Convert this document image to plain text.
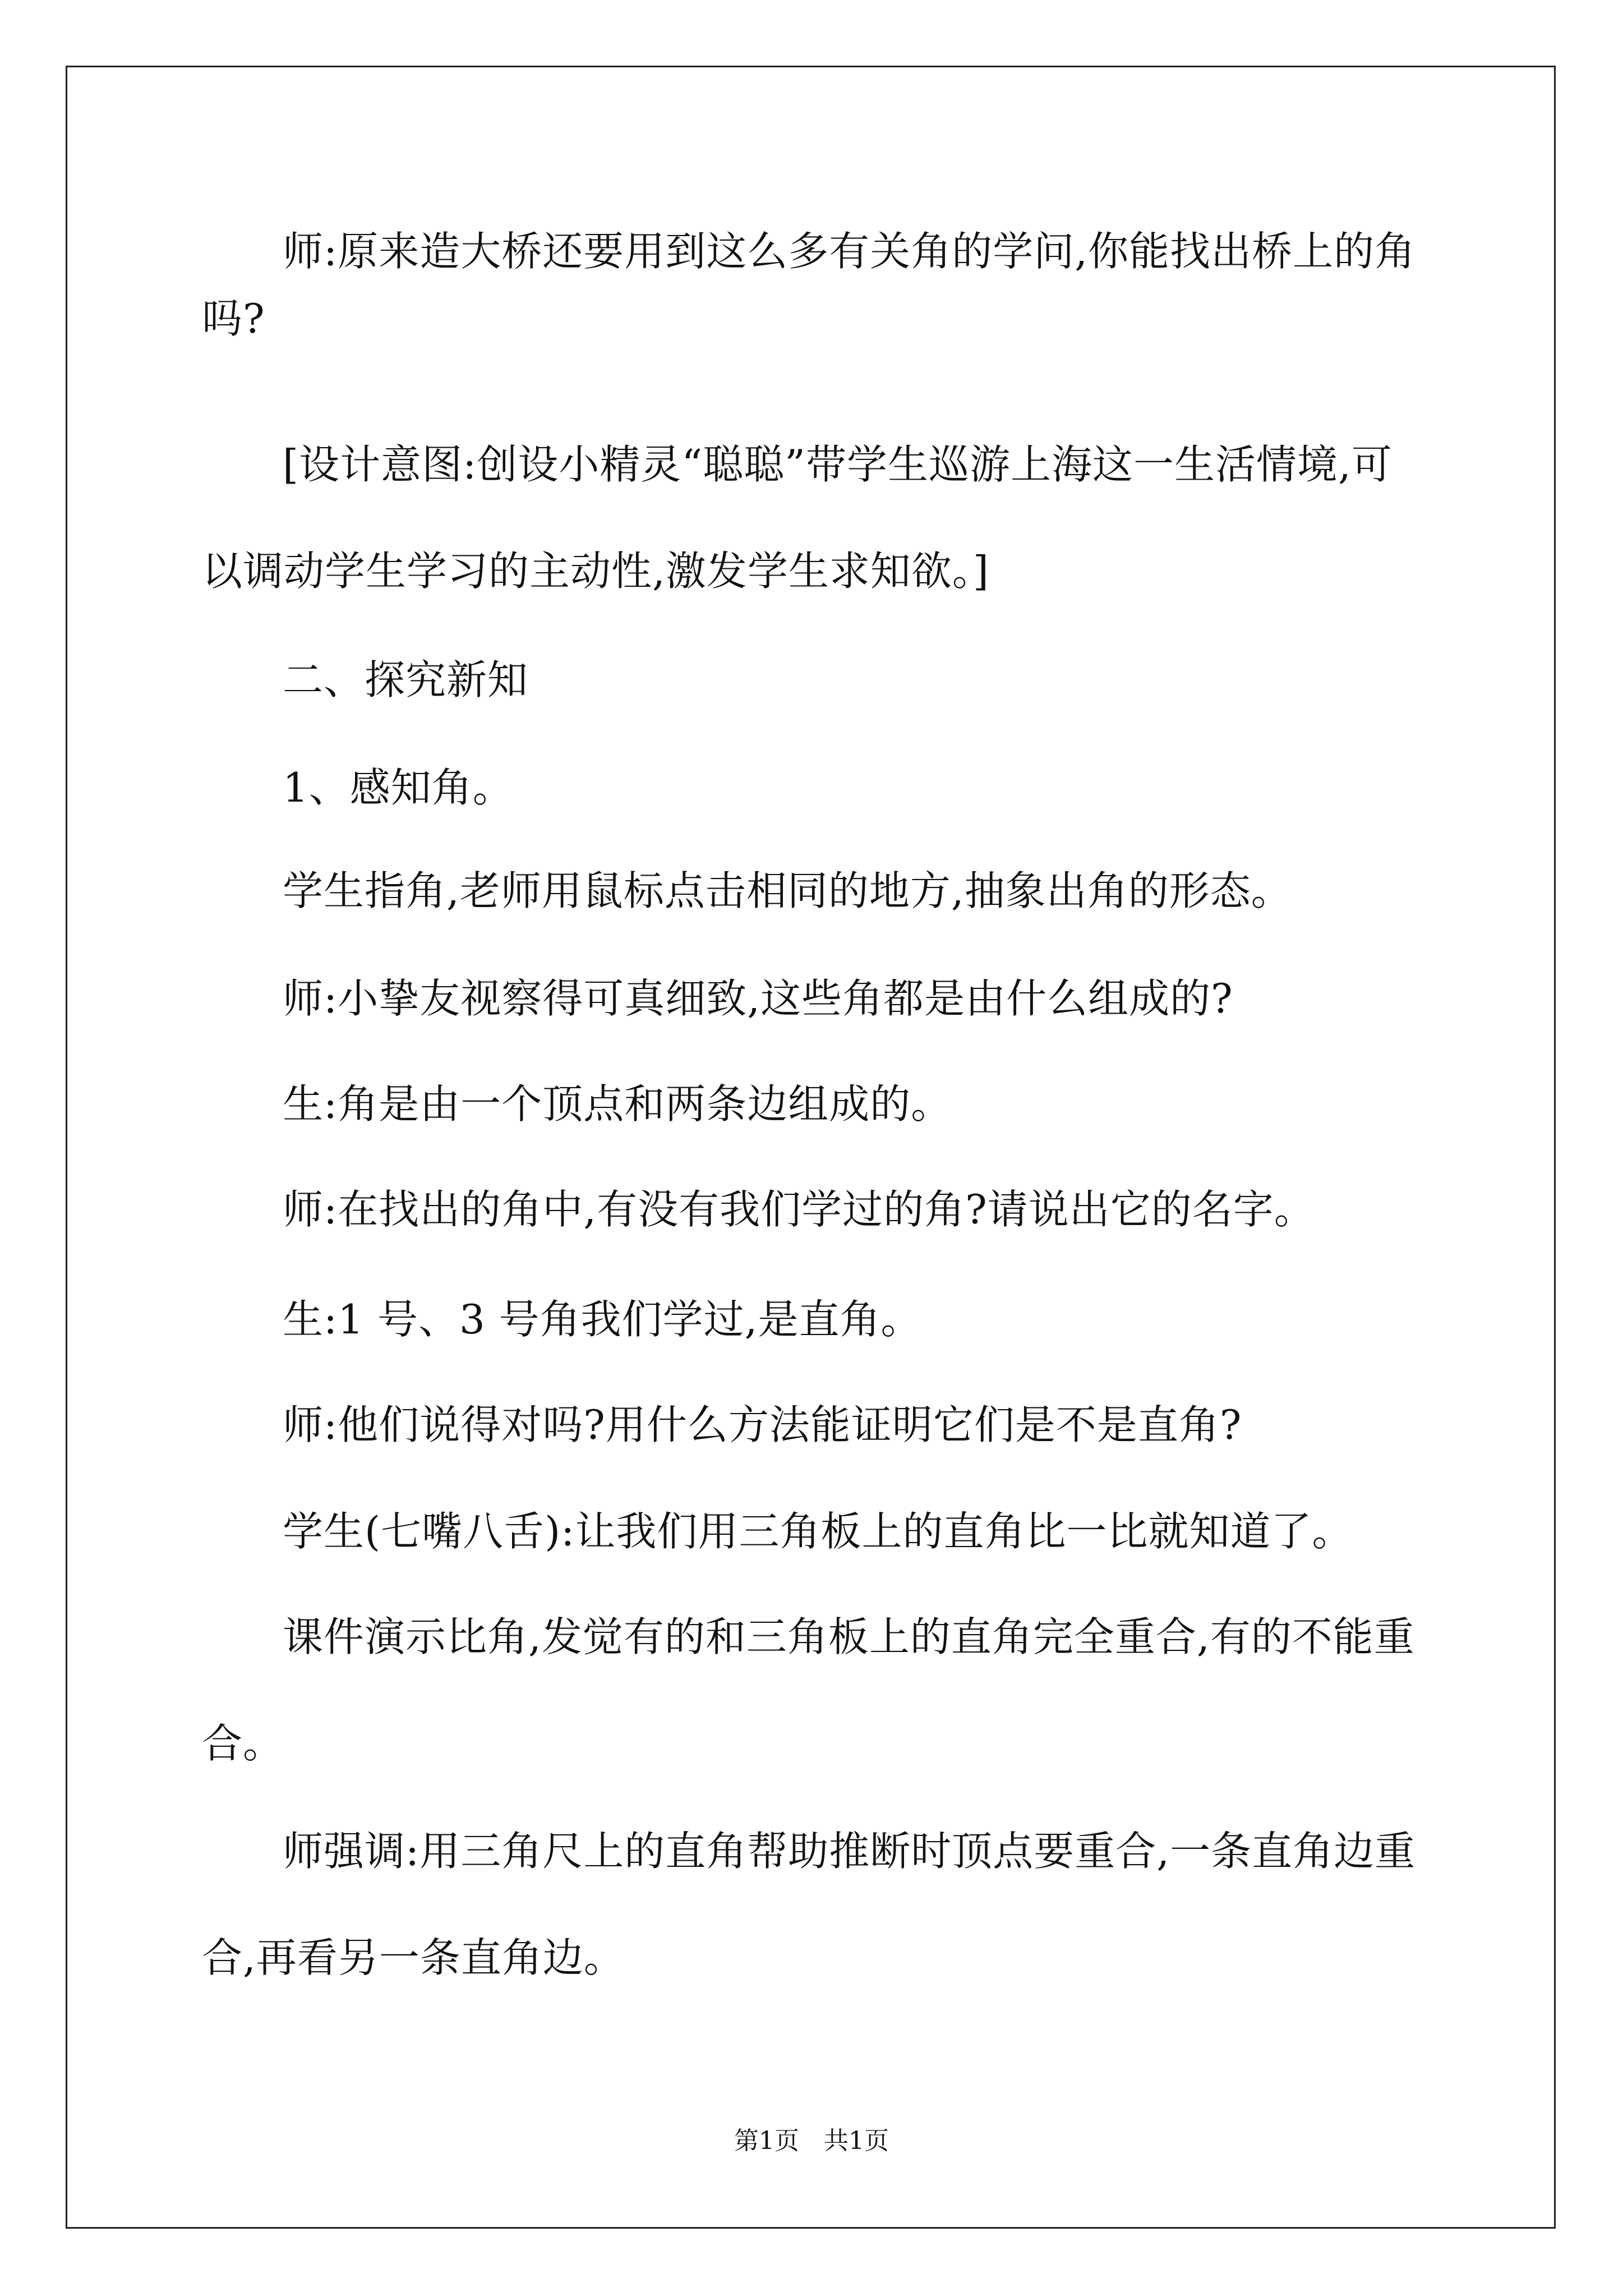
师:原来造大桥还要用到这么多有关角的学问,你能找出桥上的角
吗?
[设计意图:创设小精灵“聪聪”带学生巡游上海这一生活情境,可
以调动学生学习的主动性,激发学生求知欲。]
二、探究新知
1、感知角。
学生指角,老师用鼠标点击相同的地方,抽象出角的形态。
师:小挚友视察得可真细致,这些角都是由什么组成的?
生:角是由一个顶点和两条边组成的。
师:在找出的角中,有没有我们学过的角?请说出它的名字。
生:1 号、3 号角我们学过,是直角。
师:他们说得对吗?用什么方法能证明它们是不是直角?
学生(七嘴八舌):让我们用三角板上的直角比一比就知道了。
课件演示比角,发觉有的和三角板上的直角完全重合,有的不能重
合。
师强调:用三角尺上的直角帮助推断时顶点要重合,一条直角边重
合,再看另一条直角边。
第1页　共1页
